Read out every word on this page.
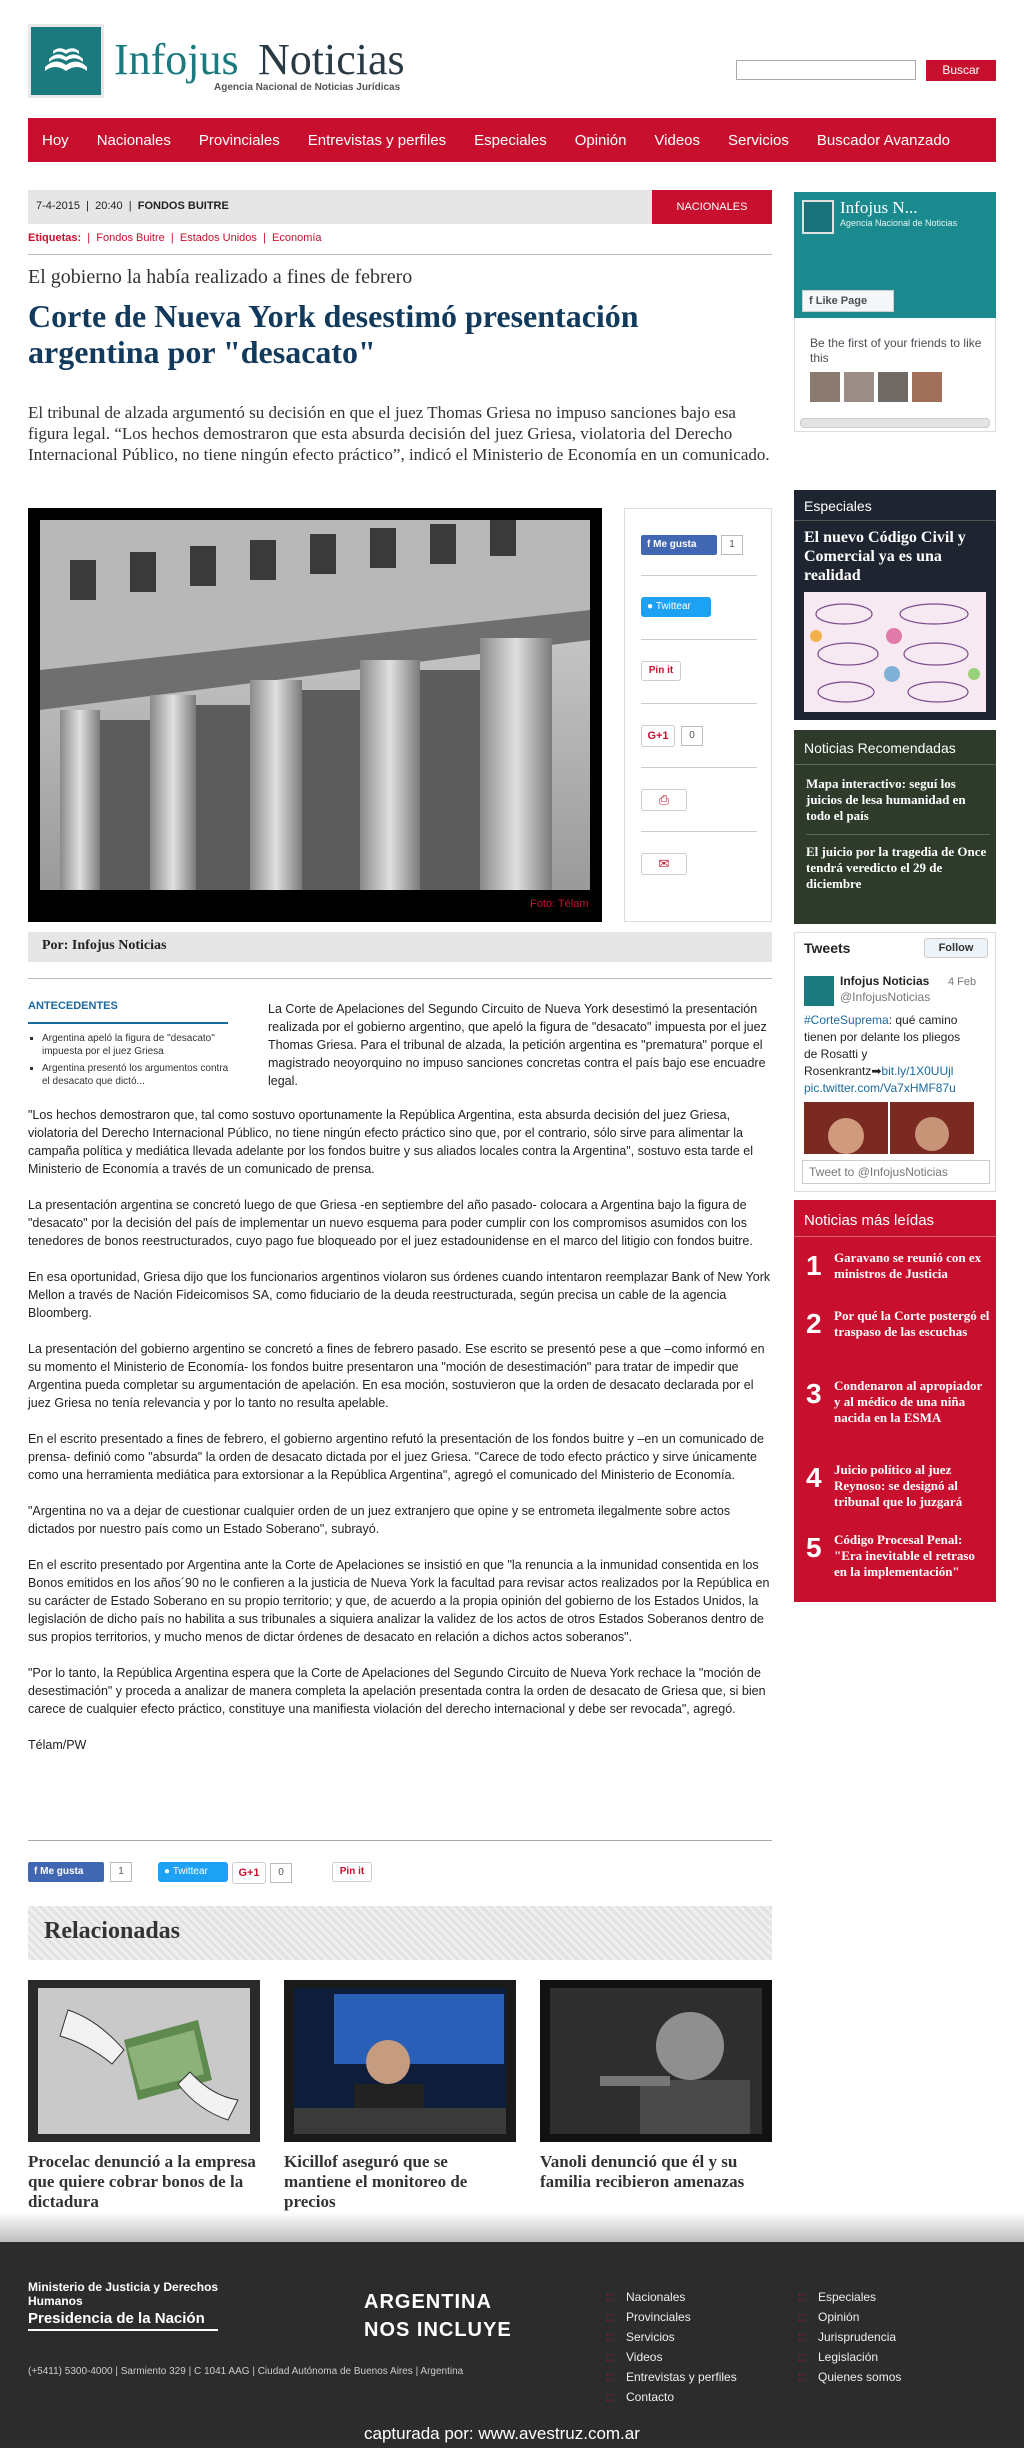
Infojus Noticias
Agencia Nacional de Noticias Jurídicas
Buscar
Hoy Nacionales Provinciales Entrevistas y perfiles Especiales Opinión Videos Servicios Buscador Avanzado
7-4-2015  |  20:40  |  FONDOS BUITRE	NACIONALES
Etiquetas:  |  Fondos Buitre  |  Estados Unidos  |  Economía
El gobierno la había realizado a fines de febrero
Corte de Nueva York desestimó presentación argentina por "desacato"
El tribunal de alzada argumentó su decisión en que el juez Thomas Griesa no impuso sanciones bajo esa figura legal. “Los hechos demostraron que esta absurda decisión del juez Griesa, violatoria del Derecho Internacional Público, no tiene ningún efecto práctico”, indicó el Ministerio de Economía en un comunicado.
Foto: Télam
f Me gusta	1
● Twittear
Pin it
G+1	0
⎙
✉
Por: Infojus Noticias
ANTECEDENTES
▪ Argentina apeló la figura de "desacato" impuesta por el juez Griesa
▪ Argentina presentó los argumentos contra el desacato que dictó...
La Corte de Apelaciones del Segundo Circuito de Nueva York desestimó la presentación realizada por el gobierno argentino, que apeló la figura de "desacato" impuesta por el juez Thomas Griesa. Para el tribunal de alzada, la petición argentina es "prematura" porque el magistrado neoyorquino no impuso sanciones concretas contra el país bajo ese encuadre legal.

"Los hechos demostraron que, tal como sostuvo oportunamente la República Argentina, esta absurda decisión del juez Griesa, violatoria del Derecho Internacional Público, no tiene ningún efecto práctico sino que, por el contrario, sólo sirve para alimentar la campaña política y mediática llevada adelante por los fondos buitre y sus aliados locales contra la Argentina", sostuvo esta tarde el Ministerio de Economía a través de un comunicado de prensa.

La presentación argentina se concretó luego de que Griesa -en septiembre del año pasado- colocara a Argentina bajo la figura de "desacato" por la decisión del país de implementar un nuevo esquema para poder cumplir con los compromisos asumidos con los tenedores de bonos reestructurados, cuyo pago fue bloqueado por el juez estadounidense en el marco del litigio con fondos buitre.

En esa oportunidad, Griesa dijo que los funcionarios argentinos violaron sus órdenes cuando intentaron reemplazar Bank of New York Mellon a través de Nación Fideicomisos SA, como fiduciario de la deuda reestructurada, según precisa un cable de la agencia Bloomberg.

La presentación del gobierno argentino se concretó a fines de febrero pasado. Ese escrito se presentó pese a que –como informó en su momento el Ministerio de Economía- los fondos buitre presentaron una "moción de desestimación" para tratar de impedir que Argentina pueda completar su argumentación de apelación. En esa moción, sostuvieron que la orden de desacato declarada por el juez Griesa no tenía relevancia y por lo tanto no resulta apelable.

En el escrito presentado a fines de febrero, el gobierno argentino refutó la presentación de los fondos buitre y –en un comunicado de prensa- definió como "absurda" la orden de desacato dictada por el juez Griesa. "Carece de todo efecto práctico y sirve únicamente como una herramienta mediática para extorsionar a la República Argentina", agregó el comunicado del Ministerio de Economía.

"Argentina no va a dejar de cuestionar cualquier orden de un juez extranjero que opine y se entrometa ilegalmente sobre actos dictados por nuestro país como un Estado Soberano", subrayó.

En el escrito presentado por Argentina ante la Corte de Apelaciones se insistió en que "la renuncia a la inmunidad consentida en los Bonos emitidos en los años´90 no le confieren a la justicia de Nueva York la facultad para revisar actos realizados por la República en su carácter de Estado Soberano en su propio territorio; y que, de acuerdo a la propia opinión del gobierno de los Estados Unidos, la legislación de dicho país no habilita a sus tribunales a siquiera analizar la validez de los actos de otros Estados Soberanos dentro de sus propios territorios, y mucho menos de dictar órdenes de desacato en relación a dichos actos soberanos".

"Por lo tanto, la República Argentina espera que la Corte de Apelaciones del Segundo Circuito de Nueva York rechace la "moción de desestimación" y proceda a analizar de manera completa la apelación presentada contra la orden de desacato de Griesa que, si bien carece de cualquier efecto práctico, constituye una manifiesta violación del derecho internacional y debe ser revocada", agregó.

Télam/PW

f Me gusta	1	● Twittear	G+1	0	Pin it
Relacionadas
Procelac denunció a la empresa que quiere cobrar bonos de la dictadura
Kicillof aseguró que se mantiene el monitoreo de precios
Vanoli denunció que él y su familia recibieron amenazas
Infojus N...
Agencia Nacional de Noticias
f Like Page
Be the first of your friends to like this
Especiales
El nuevo Código Civil y Comercial ya es una realidad
Noticias Recomendadas
Mapa interactivo: seguí los juicios de lesa humanidad en todo el país
El juicio por la tragedia de Once tendrá veredicto el 29 de diciembre
Tweets	Follow
Infojus Noticias
@InfojusNoticias
4 Feb
#CorteSuprema: qué camino tienen por delante los pliegos de Rosatti y Rosenkrantz➡bit.ly/1X0UUjl pic.twitter.com/Va7xHMF87u
Tweet to @InfojusNoticias
Noticias más leídas
1 Garavano se reunió con ex ministros de Justicia
2 Por qué la Corte postergó el traspaso de las escuchas
3 Condenaron al apropiador y al médico de una niña nacida en la ESMA
4 Juicio político al juez Reynoso: se designó al tribunal que lo juzgará
5 Código Procesal Penal: "Era inevitable el retraso en la implementación"
Ministerio de Justicia y Derechos Humanos
Presidencia de la Nación
ARGENTINA
NOS INCLUYE
(+5411) 5300-4000 | Sarmiento 329 | C 1041 AAG | Ciudad Autónoma de Buenos Aires | Argentina
:: Nacionales
:: Provinciales
:: Servicios
:: Videos
:: Entrevistas y perfiles
:: Contacto
:: Especiales
:: Opinión
:: Jurisprudencia
:: Legislación
:: Quienes somos
capturada por: www.avestruz.com.ar
